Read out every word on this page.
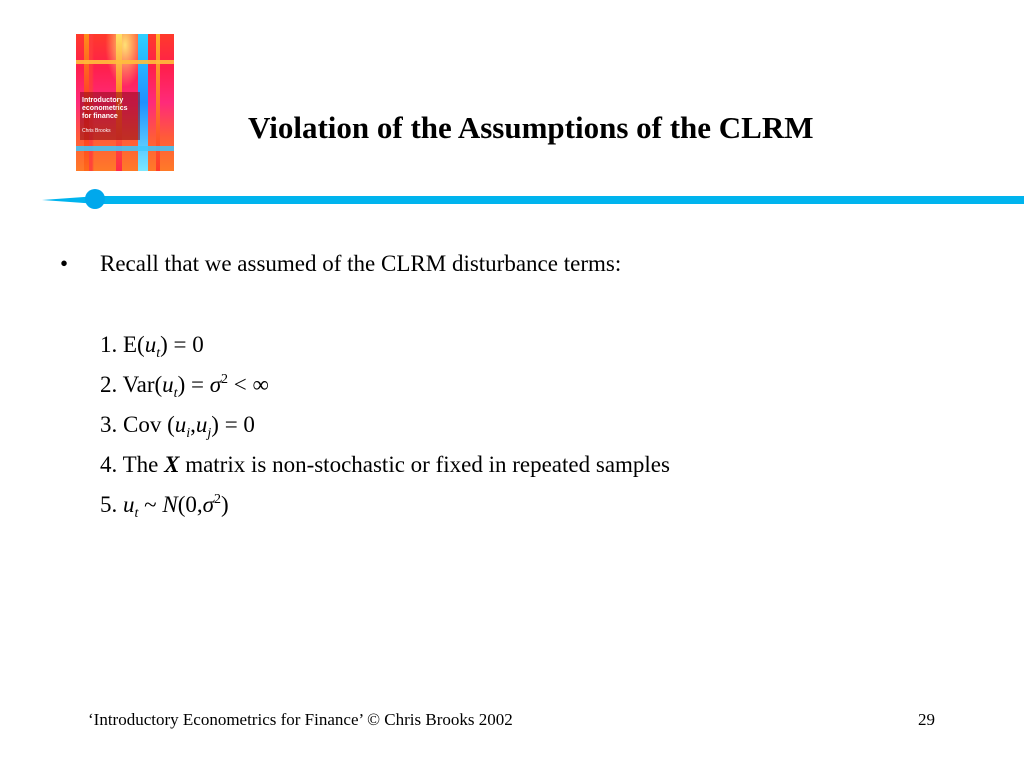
Introductory
econometrics
for finance
Chris Brooks	Violation of the Assumptions of the CLRM
• Recall that we assumed of the CLRM disturbance terms:
1. $E(u_t) = 0$
2. $Var(u_t) = \sigma^2$ < ∞
3. Cov $(u_i,u_j) = 0$
4. The X matrix is non-stochastic or fixed in repeated samples
5. $u_t$ ~ $N(0,\sigma^2)$
‘Introductory Econometrics for Finance’ © Chris Brooks 2002	29
